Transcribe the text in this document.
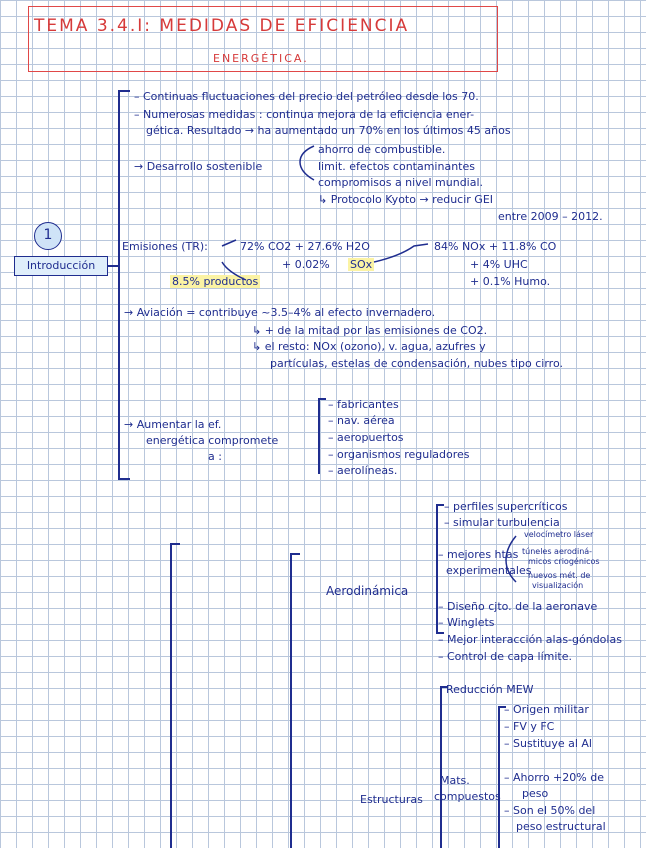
TEMA 3.4.I: MEDIDAS DE EFICIENCIA
ENERGÉTICA.
1
Introducción
– Continuas fluctuaciones del precio del petróleo desde los 70.
– Numerosas medidas : continua mejora de la eficiencia ener-
gética. Resultado → ha aumentado un 70% en los últimos 45 años
→ Desarrollo sostenible
ahorro de combustible.
limit. efectos contaminantes
compromisos a nivel mundial.
↳ Protocolo Kyoto → reducir GEI
entre 2009 – 2012.
Emisiones (TR):	72% CO2 + 27.6% H2O
+ 0.02% SOx
84% NOx + 11.8% CO
+ 4% UHC
+ 0.1% Humo.
8.5% productos
→ Aviación = contribuye ~3.5–4% al efecto invernadero.
↳ + de la mitad por las emisiones de CO2.
↳ el resto: NOx (ozono), v. agua, azufres y
partículas, estelas de condensación, nubes tipo cirro.
→ Aumentar la ef.
energética compromete
a :
– fabricantes
– nav. aérea
– aeropuertos
– organismos reguladores
– aerolíneas.
Aerodinámica
– perfiles supercríticos
– simular turbulencia
– mejores htas
experimentales
velocímetro láser
túneles aerodiná-
micos criogénicos
nuevos mét. de
visualización
– Diseño cjto. de la aeronave
– Winglets
– Mejor interacción alas-góndolas
– Control de capa límite.
Reducción MEW
Estructuras
Mats.
compuestos
– Origen militar
– FV y FC
– Sustituye al Al
– Ahorro +20% de
peso
– Son el 50% del
peso estructural
